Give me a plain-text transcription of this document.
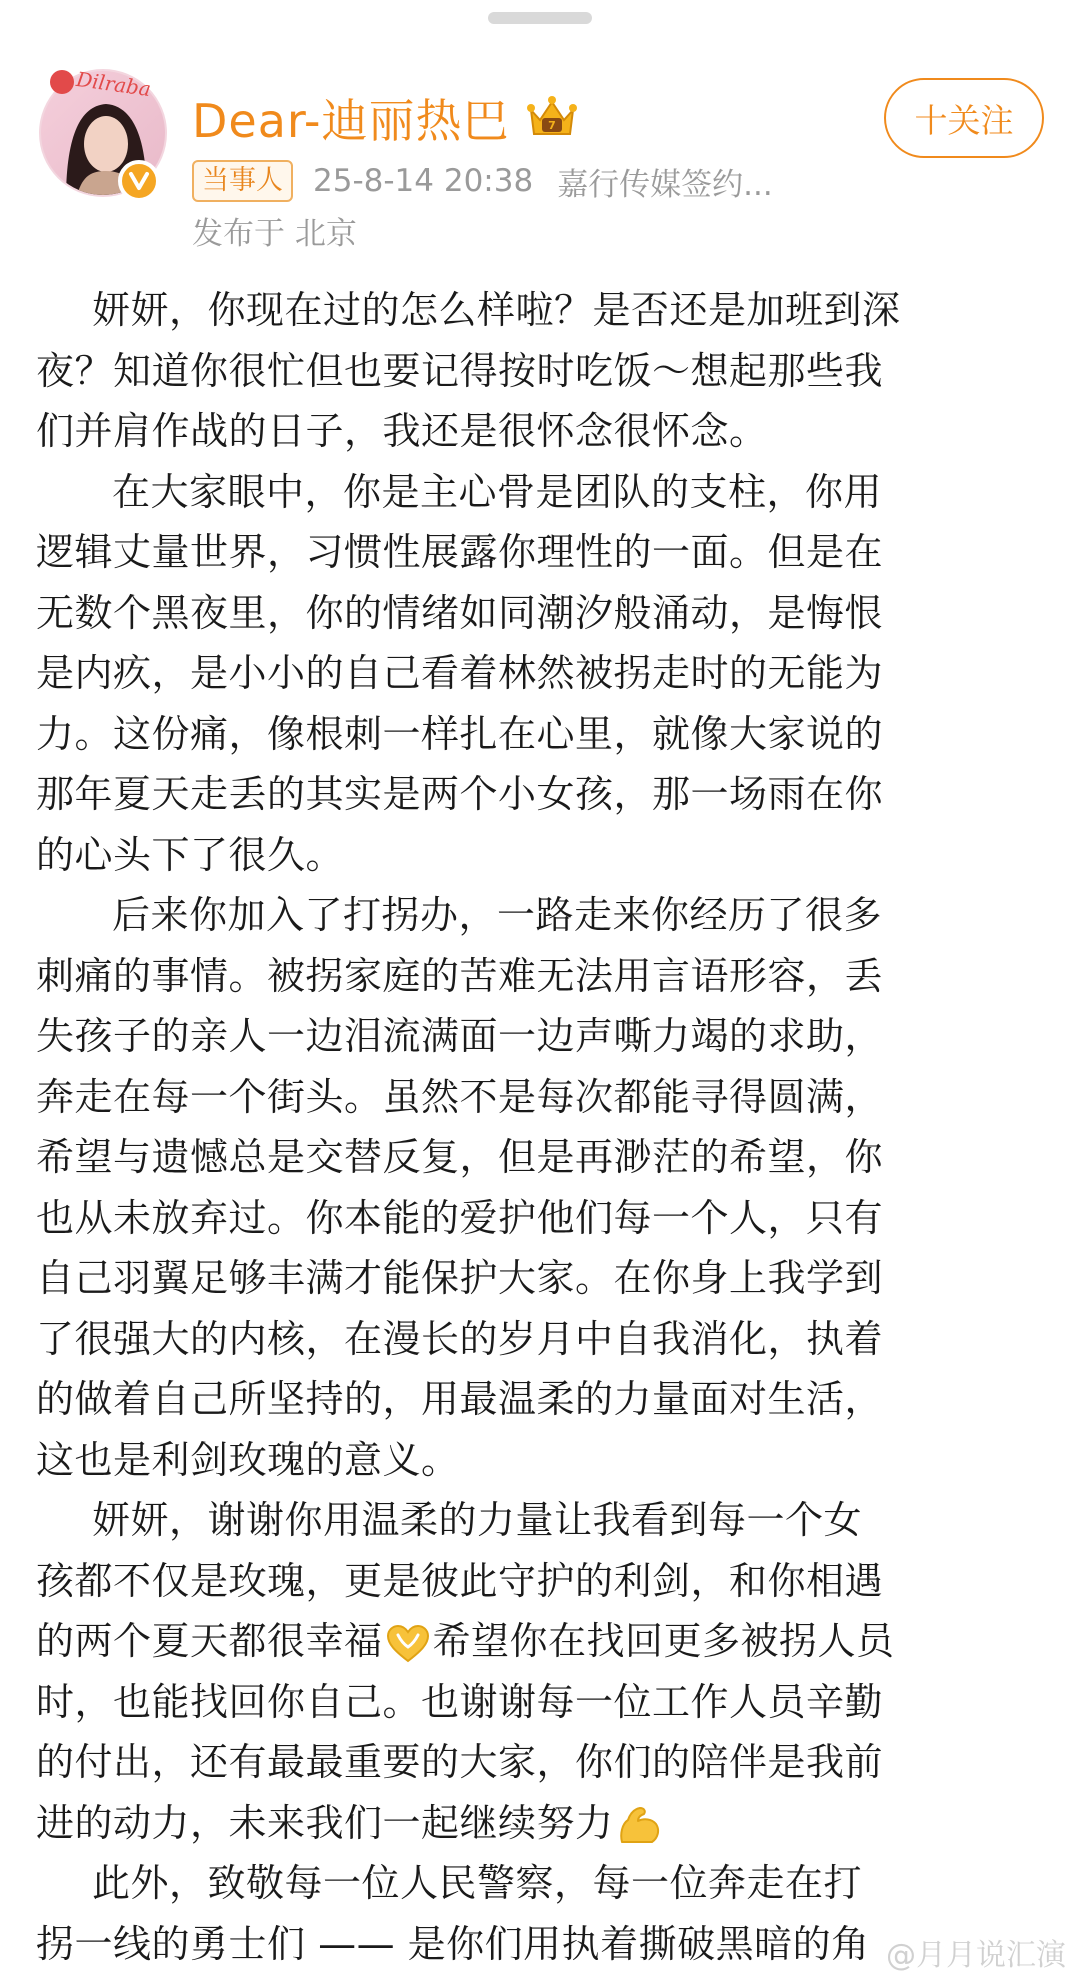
Dilraba
Dear-迪丽热巴	7
当事人 25-8-14 20:38 嘉行传媒签约...
发布于 北京
十关注
妍妍，你现在过的怎么样啦？是否还是加班到深
夜？知道你很忙但也要记得按时吃饭～想起那些我
们并肩作战的日子，我还是很怀念很怀念。
在大家眼中，你是主心骨是团队的支柱，你用
逻辑丈量世界，习惯性展露你理性的一面。但是在
无数个黑夜里，你的情绪如同潮汐般涌动，是悔恨
是内疚，是小小的自己看着林然被拐走时的无能为
力。这份痛，像根刺一样扎在心里，就像大家说的
那年夏天走丢的其实是两个小女孩，那一场雨在你
的心头下了很久。
后来你加入了打拐办，一路走来你经历了很多
刺痛的事情。被拐家庭的苦难无法用言语形容，丢
失孩子的亲人一边泪流满面一边声嘶力竭的求助，
奔走在每一个街头。虽然不是每次都能寻得圆满，
希望与遗憾总是交替反复，但是再渺茫的希望，你
也从未放弃过。你本能的爱护他们每一个人，只有
自己羽翼足够丰满才能保护大家。在你身上我学到
了很强大的内核，在漫长的岁月中自我消化，执着
的做着自己所坚持的，用最温柔的力量面对生活，
这也是利剑玫瑰的意义。
妍妍，谢谢你用温柔的力量让我看到每一个女
孩都不仅是玫瑰，更是彼此守护的利剑，和你相遇
的两个夏天都很幸福 希望你在找回更多被拐人员
时，也能找回你自己。也谢谢每一位工作人员辛勤
的付出，还有最最重要的大家，你们的陪伴是我前
进的动力，未来我们一起继续努力
此外，致敬每一位人民警察，每一位奔走在打
拐一线的勇士们 —— 是你们用执着撕破黑暗的角 @月月说汇演
